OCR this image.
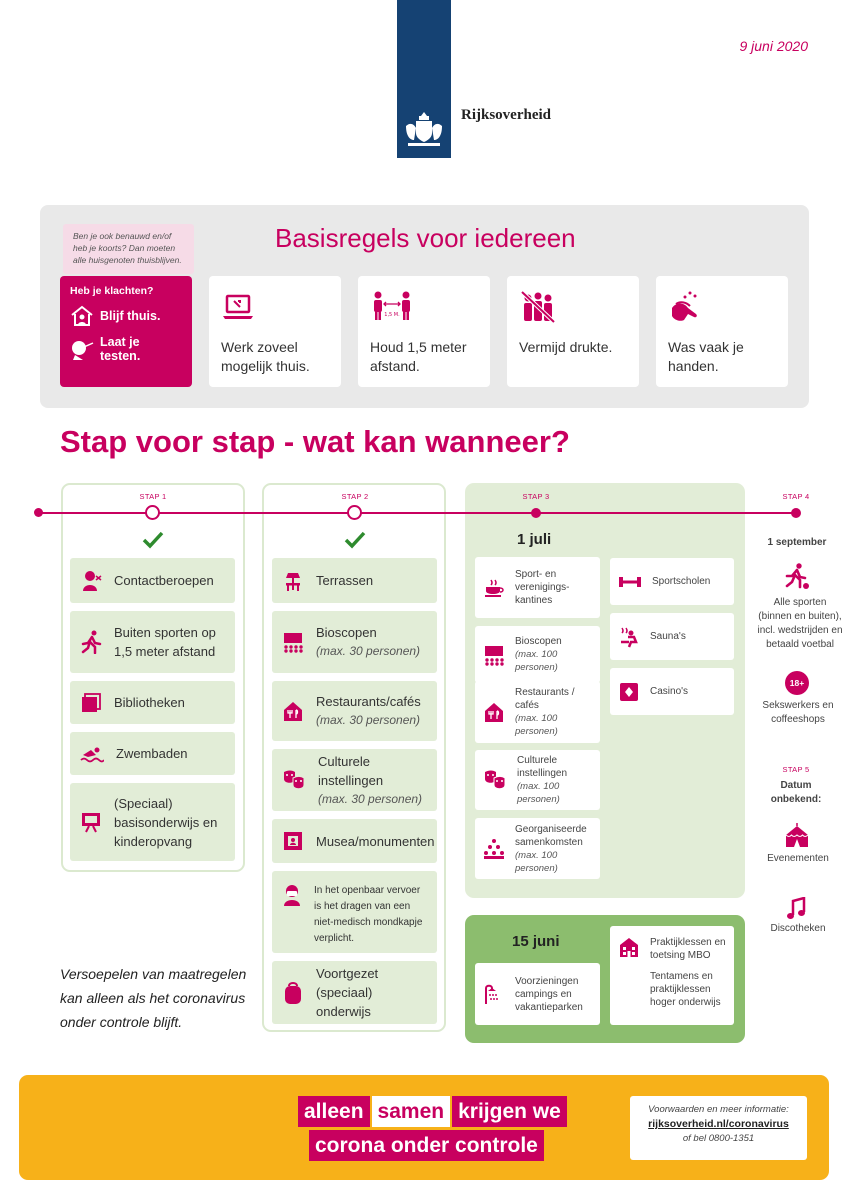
Rijksoverheid
9 juni 2020
Ben je ook benauwd en/of heb je koorts? Dan moeten alle huisgenoten thuisblijven.
Basisregels voor iedereen
Heb je klachten?
Blijf thuis.
Laat je testen.
Werk zoveel mogelijk thuis.
1,5 M.
Houd 1,5 meter afstand.
Vermijd drukte.	Was vaak je handen.
Stap voor stap - wat kan wanneer?
STAP 1	STAP 2	STAP 3	STAP 4
Contactberoepen
Buiten sporten op 1,5 meter afstand
Bibliotheken
Zwembaden
(Speciaal) basisonderwijs en kinderopvang
Terrassen
Bioscopen
(max. 30 personen)
Restaurants/cafés
(max. 30 personen)
Culturele instellingen
(max. 30 personen)
Musea/monumenten
In het openbaar vervoer is het dragen van een niet-medisch mondkapje verplicht.
Voortgezet (speciaal) onderwijs
1 juli
Sport- en verenigings-kantines
Bioscopen
(max. 100 personen)
Restaurants / cafés
(max. 100 personen)
Culturele instellingen
(max. 100 personen)
Georganiseerde samenkomsten
(max. 100 personen)
Sportscholen
Sauna's
Casino's
15 juni
Voorzieningen campings en vakantieparken
Praktijklessen en toetsing MBO
Tentamens en praktijklessen hoger onderwijs
1 september
Alle sporten (binnen en buiten), incl. wedstrijden en betaald voetbal
18+
Sekswerkers en coffeeshops
STAP 5
Datum onbekend:
Evenementen
Discotheken
Versoepelen van maatregelen kan alleen als het coronavirus onder controle blijft.
alleen samen krijgen we
corona onder controle
Voorwaarden en meer informatie:
rijksoverheid.nl/coronavirus
of bel 0800-1351
